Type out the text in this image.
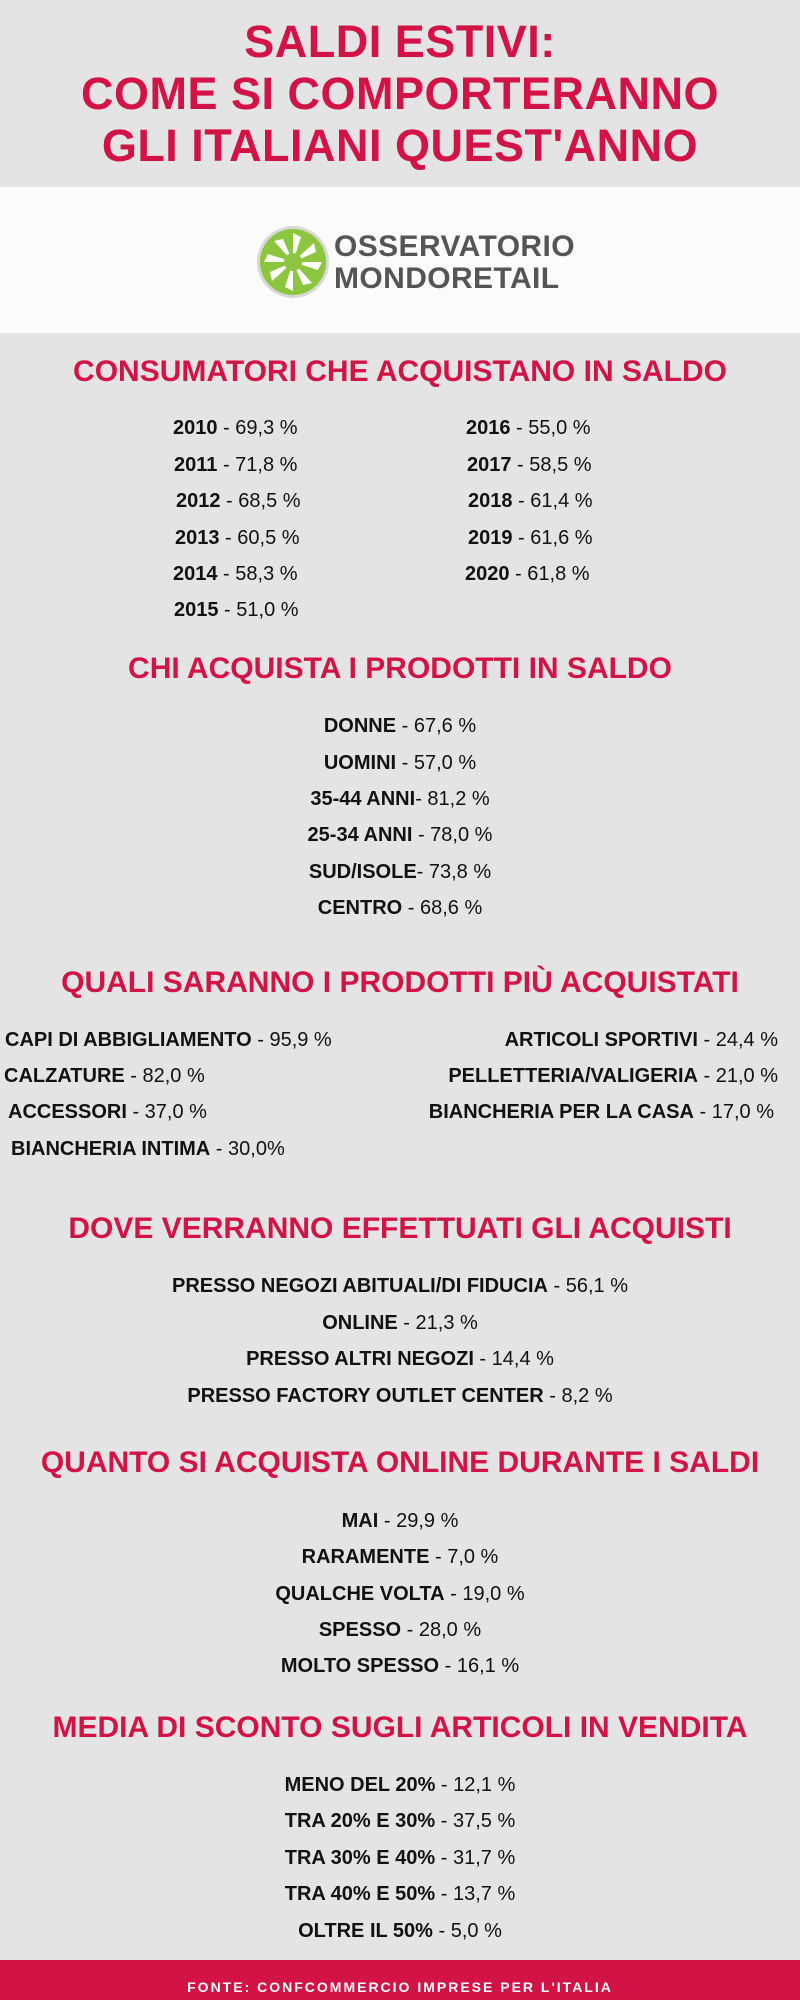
SALDI ESTIVI:
COME SI COMPORTERANNO
GLI ITALIANI QUEST'ANNO
OSSERVATORIO
MONDORETAIL
CONSUMATORI CHE ACQUISTANO IN SALDO
2010 - 69,3 %
2011 - 71,8 %
2012 - 68,5 %
2013 - 60,5 %
2014 - 58,3 %
2015 - 51,0 %
2016 - 55,0 %
2017 - 58,5 %
2018 - 61,4 %
2019 - 61,6 %
2020 - 61,8 %
CHI ACQUISTA I PRODOTTI IN SALDO
DONNE - 67,6 %
UOMINI - 57,0 %
35-44 ANNI- 81,2 %
25-34 ANNI - 78,0 %
SUD/ISOLE- 73,8 %
CENTRO - 68,6 %
QUALI SARANNO I PRODOTTI PIÙ ACQUISTATI
CAPI DI ABBIGLIAMENTO - 95,9 %
CALZATURE - 82,0 %
ACCESSORI - 37,0 %
BIANCHERIA INTIMA - 30,0%
ARTICOLI SPORTIVI - 24,4 %
PELLETTERIA/VALIGERIA - 21,0 %
BIANCHERIA PER LA CASA - 17,0 %
DOVE VERRANNO EFFETTUATI GLI ACQUISTI
PRESSO NEGOZI ABITUALI/DI FIDUCIA - 56,1 %
ONLINE - 21,3 %
PRESSO ALTRI NEGOZI - 14,4 %
PRESSO FACTORY OUTLET CENTER - 8,2 %
QUANTO SI ACQUISTA ONLINE DURANTE I SALDI
MAI - 29,9 %
RARAMENTE - 7,0 %
QUALCHE VOLTA - 19,0 %
SPESSO - 28,0 %
MOLTO SPESSO - 16,1 %
MEDIA DI SCONTO SUGLI ARTICOLI IN VENDITA
MENO DEL 20% - 12,1 %
TRA 20% E 30% - 37,5 %
TRA 30% E 40% - 31,7 %
TRA 40% E 50% - 13,7 %
OLTRE IL 50% - 5,0 %
FONTE: CONFCOMMERCIO IMPRESE PER L'ITALIA
